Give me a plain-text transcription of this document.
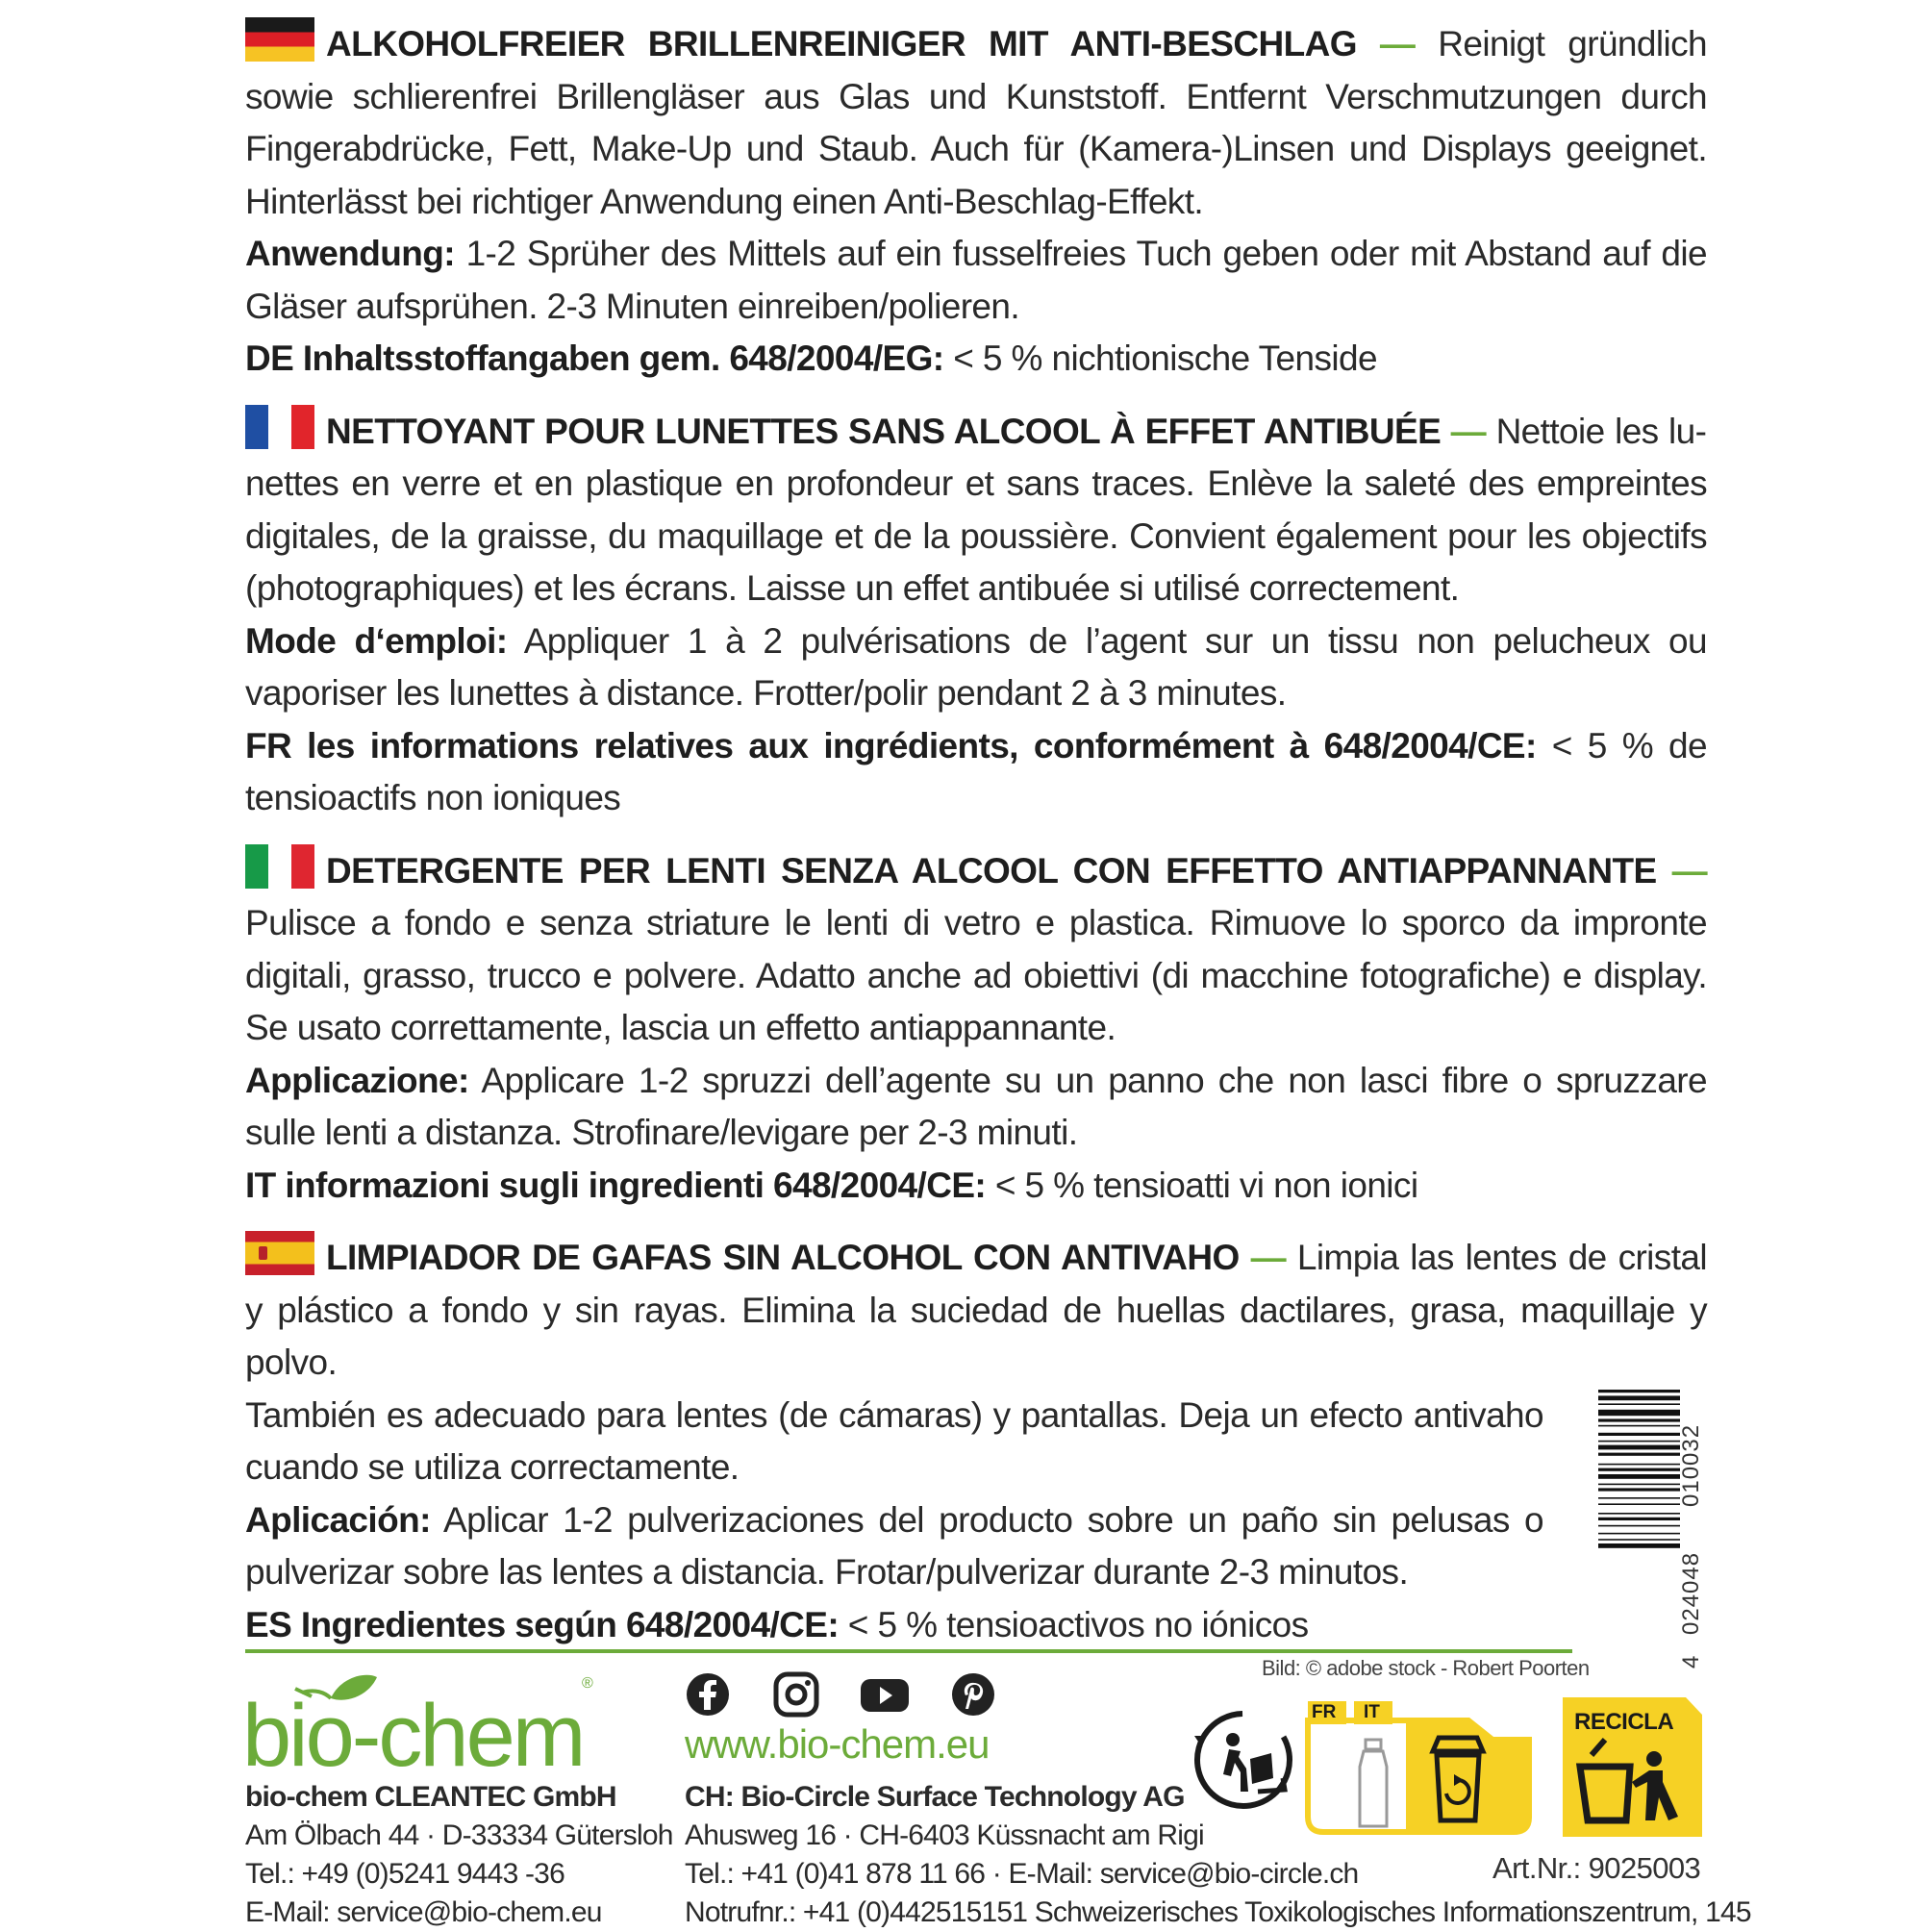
ALKOHOLFREIER BRILLENREINIGER MIT ANTI-BESCHLAG — Reinigt gründlich sowie schlierenfrei Brillengläser aus Glas und Kunststoff. Entfernt Verschmutzungen durch Fingerabdrücke, Fett, Make-Up und Staub. Auch für (Kamera-)Linsen und Displays geeignet. Hinterlässt bei richtiger Anwendung einen Anti-Beschlag-Effekt.

Anwendung: 1-2 Sprüher des Mittels auf ein fusselfreies Tuch geben oder mit Abstand auf die Gläser aufsprühen. 2-3 Minuten einreiben/polieren.

DE Inhaltsstoffangaben gem. 648/2004/EG: < 5 % nichtionische Tenside

NETTOYANT POUR LUNETTES SANS ALCOOL À EFFET ANTIBUÉE — Nettoie les lunettes en verre et en plastique en profondeur et sans traces. Enlève la saleté des empreintes digitales, de la graisse, du maquillage et de la poussière. Convient également pour les objectifs (photographiques) et les écrans. Laisse un effet antibuée si utilisé correctement.

Mode d‘emploi: Appliquer 1 à 2 pulvérisations de l’agent sur un tissu non pelucheux ou vaporiser les lunettes à distance. Frotter/polir pendant 2 à 3 minutes.

FR les informations relatives aux ingrédients, conformément à 648/2004/CE: < 5 % de tensioactifs non ioniques

DETERGENTE PER LENTI SENZA ALCOOL CON EFFETTO ANTIAPPANNANTE — Pulisce a fondo e senza striature le lenti di vetro e plastica. Rimuove lo sporco da impronte digitali, grasso, trucco e polvere. Adatto anche ad obiettivi (di macchine fotografiche) e display. Se usato correttamente, lascia un effetto antiappannante.

Applicazione: Applicare 1-2 spruzzi dell’agente su un panno che non lasci fibre o spruzzare sulle lenti a distanza. Strofinare/levigare per 2-3 minuti.

IT informazioni sugli ingredienti 648/2004/CE: < 5 % tensioatti vi non ionici

LIMPIADOR DE GAFAS SIN ALCOHOL CON ANTIVAHO — Limpia las lentes de cristal y plástico a fondo y sin rayas. Elimina la suciedad de huellas dactilares, grasa, maquillaje y polvo.

También es adecuado para lentes (de cámaras) y pantallas. Deja un efecto antivaho cuando se utiliza correctamente.

Aplicación: Aplicar 1-2 pulverizaciones del producto sobre un paño sin pelusas o pulverizar sobre las lentes a distancia. Frotar/pulverizar durante 2-3 minutos.

ES Ingredientes según 648/2004/CE: < 5 % tensioactivos no iónicos

4
024048
010032
Bild: © adobe stock - Robert Poorten
bio-chem
®
bio-chem CLEANTEC GmbH
Am Ölbach 44 · D-33334 Gütersloh
Tel.: +49 (0)5241 9443 -36
E-Mail: service@bio-chem.eu
www.bio-chem.eu
CH: Bio-Circle Surface Technology AG
Ahusweg 16 · CH-6403 Küssnacht am Rigi
Tel.: +41 (0)41 878 11 66 · E-Mail: service@bio-circle.ch
Notrufnr.: +41 (0)442515151 Schweizerisches Toxikologisches Informationszentrum, 145
FR IT	RECICLA
Art.Nr.: 9025003
